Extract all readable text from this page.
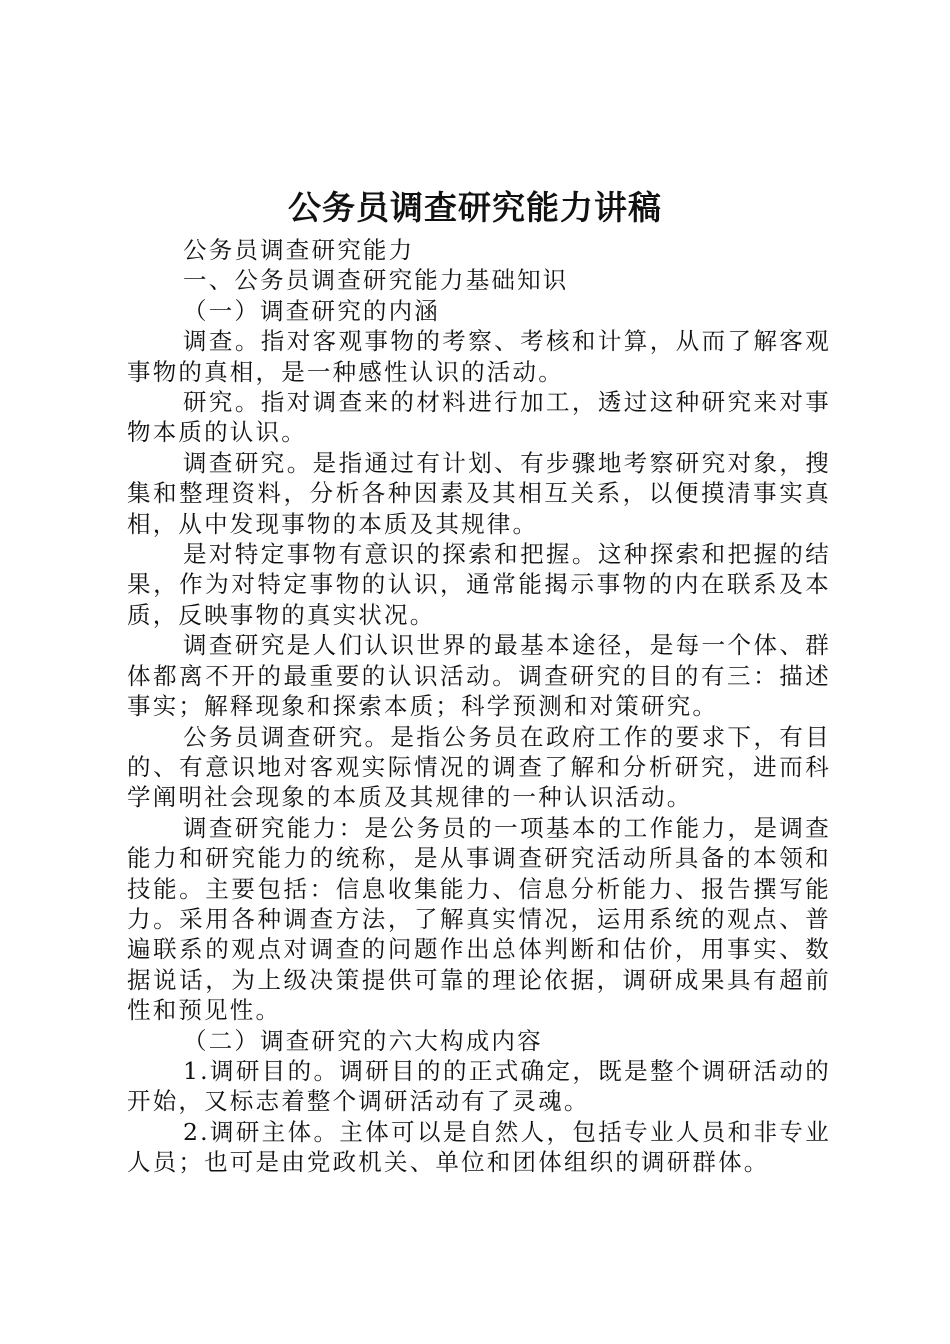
公务员调查研究能力讲稿

公务员调查研究能力

一、公务员调查研究能力基础知识

（一）调查研究的内涵

调查。指对客观事物的考察、考核和计算，从而了解客观事物的真相，是一种感性认识的活动。

研究。指对调查来的材料进行加工，透过这种研究来对事物本质的认识。

调查研究。是指通过有计划、有步骤地考察研究对象，搜集和整理资料，分析各种因素及其相互关系，以便摸清事实真相，从中发现事物的本质及其规律。

是对特定事物有意识的探索和把握。这种探索和把握的结果，作为对特定事物的认识，通常能揭示事物的内在联系及本质，反映事物的真实状况。

调查研究是人们认识世界的最基本途径，是每一个体、群体都离不开的最重要的认识活动。调查研究的目的有三：描述事实；解释现象和探索本质；科学预测和对策研究。

公务员调查研究。是指公务员在政府工作的要求下，有目的、有意识地对客观实际情况的调查了解和分析研究，进而科学阐明社会现象的本质及其规律的一种认识活动。

调查研究能力：是公务员的一项基本的工作能力，是调查能力和研究能力的统称，是从事调查研究活动所具备的本领和技能。主要包括：信息收集能力、信息分析能力、报告撰写能力。采用各种调查方法，了解真实情况，运用系统的观点、普遍联系的观点对调查的问题作出总体判断和估价，用事实、数据说话，为上级决策提供可靠的理论依据，调研成果具有超前性和预见性。

（二）调查研究的六大构成内容

1.调研目的。调研目的的正式确定，既是整个调研活动的开始，又标志着整个调研活动有了灵魂。

2.调研主体。主体可以是自然人，包括专业人员和非专业人员；也可是由党政机关、单位和团体组织的调研群体。
